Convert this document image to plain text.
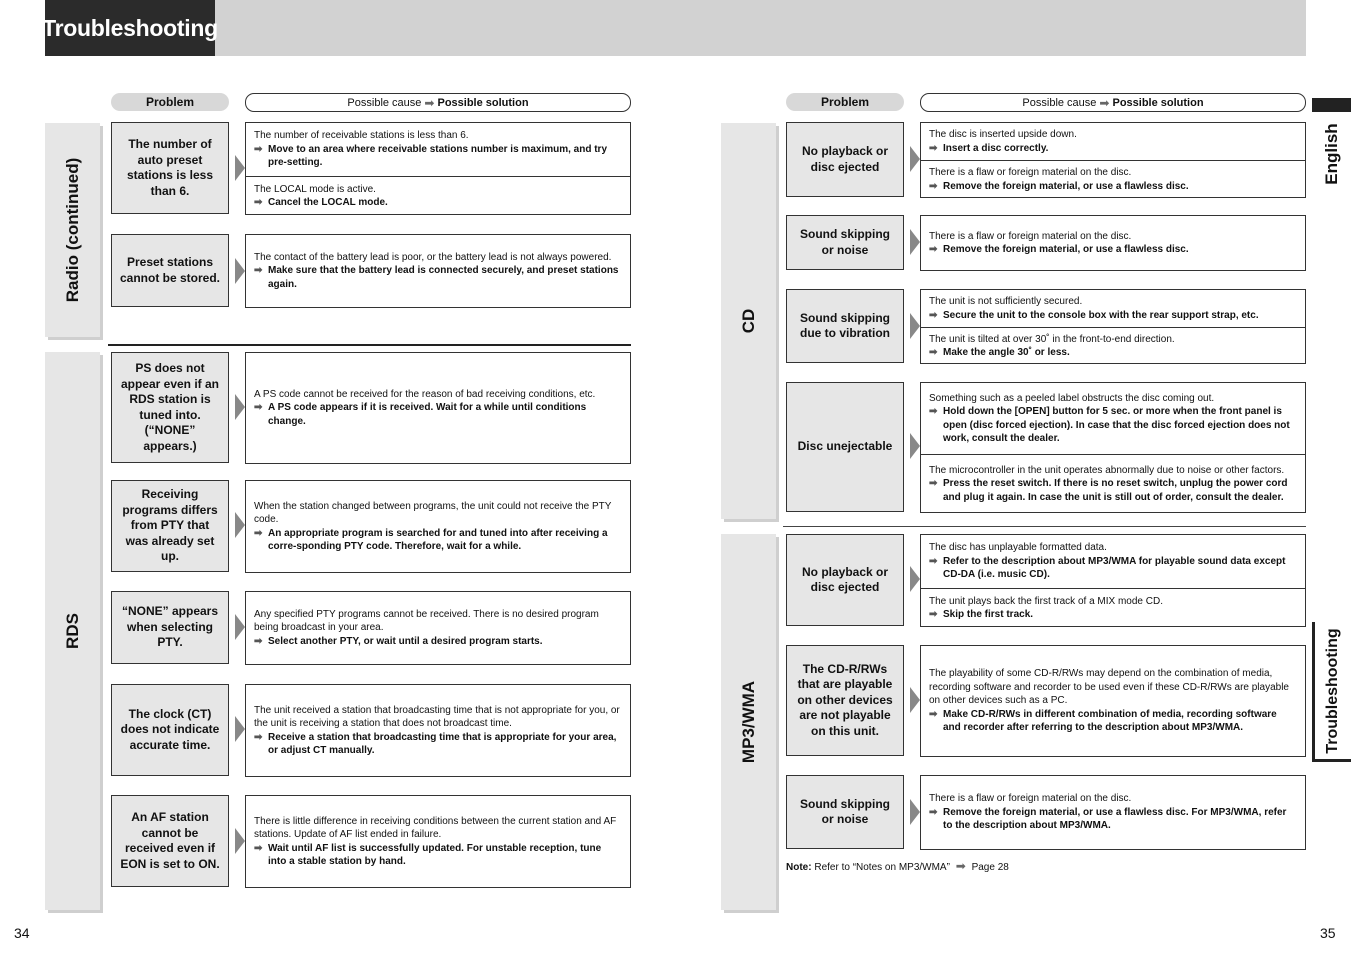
Troubleshooting
Problem	Possible cause ➡ Possible solution
Radio (continued)
RDS
The number of auto preset stations is less than 6.
The number of receivable stations is less than 6.
➡ Move to an area where receivable stations number is maximum, and try pre-setting.
The LOCAL mode is active.
➡ Cancel the LOCAL mode.
Preset stations cannot be stored.
The contact of the battery lead is poor, or the battery lead is not always powered.
➡ Make sure that the battery lead is connected securely, and preset stations again.
PS does not appear even if an RDS station is tuned into. (“NONE” appears.)
A PS code cannot be received for the reason of bad receiving conditions, etc.
➡ A PS code appears if it is received. Wait for a while until conditions change.
Receiving programs differs from PTY that was already set up.
When the station changed between programs, the unit could not receive the PTY code.
➡ An appropriate program is searched for and tuned into after receiving a corre-sponding PTY code. Therefore, wait for a while.
“NONE” appears when selecting PTY.
Any specified PTY programs cannot be received. There is no desired program being broadcast in your area.
➡ Select another PTY, or wait until a desired program starts.
The clock (CT) does not indicate accurate time.
The unit received a station that broadcasting time that is not appropriate for you, or the unit is receiving a station that does not broadcast time.
➡ Receive a station that broadcasting time that is appropriate for your area, or adjust CT manually.
An AF station cannot be received even if EON is set to ON.
There is little difference in receiving conditions between the current station and AF stations. Update of AF list ended in failure.
➡ Wait until AF list is successfully updated. For unstable reception, tune into a stable station by hand.
34
Problem	Possible cause ➡ Possible solution
CD
MP3/WMA
No playback or disc ejected
The disc is inserted upside down.
➡ Insert a disc correctly.
There is a flaw or foreign material on the disc.
➡ Remove the foreign material, or use a flawless disc.
Sound skipping or noise
There is a flaw or foreign material on the disc.
➡ Remove the foreign material, or use a flawless disc.
Sound skipping due to vibration
The unit is not sufficiently secured.
➡ Secure the unit to the console box with the rear support strap, etc.
The unit is tilted at over 30˚ in the front-to-end direction.
➡ Make the angle 30˚ or less.
Disc unejectable
Something such as a peeled label obstructs the disc coming out.
➡ Hold down the [OPEN] button for 5 sec. or more when the front panel is open (disc forced ejection). In case that the disc forced ejection does not work, consult the dealer.
The microcontroller in the unit operates abnormally due to noise or other factors.
➡ Press the reset switch. If there is no reset switch, unplug the power cord and plug it again. In case the unit is still out of order, consult the dealer.
No playback or disc ejected
The disc has unplayable formatted data.
➡ Refer to the description about MP3/WMA for playable sound data except CD-DA (i.e. music CD).
The unit plays back the first track of a MIX mode CD.
➡ Skip the first track.
The CD-R/RWs that are playable on other devices are not playable on this unit.
The playability of some CD-R/RWs may depend on the combination of media, recording software and recorder to be used even if these CD-R/RWs are playable on other devices such as a PC.
➡ Make CD-R/RWs in different combination of media, recording software and recorder after referring to the description about MP3/WMA.
Sound skipping or noise
There is a flaw or foreign material on the disc.
➡ Remove the foreign material, or use a flawless disc. For MP3/WMA, refer to the description about MP3/WMA.
Note: Refer to “Notes on MP3/WMA” ➡ Page 28
35
English
Troubleshooting
